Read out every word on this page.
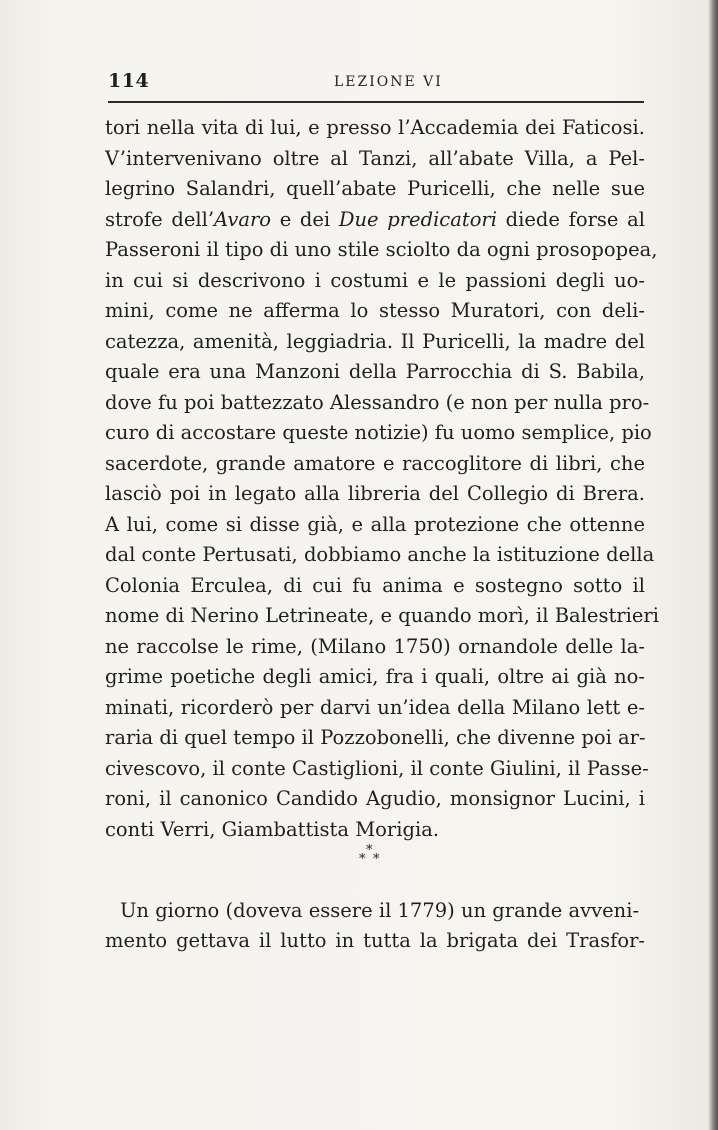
114	LEZIONE VI
tori nella vita di lui, e presso l’Accademia dei Faticosi.
V’intervenivano oltre al Tanzi, all’abate Villa, a Pel-
legrino Salandri, quell’abate Puricelli, che nelle sue
strofe dell’Avaro e dei Due predicatori diede forse al
Passeroni il tipo di uno stile sciolto da ogni prosopopea,
in cui si descrivono i costumi e le passioni degli uo-
mini, come ne afferma lo stesso Muratori, con deli-
catezza, amenità, leggiadria. Il Puricelli, la madre del
quale era una Manzoni della Parrocchia di S. Babila,
dove fu poi battezzato Alessandro (e non per nulla pro-
curo di accostare queste notizie) fu uomo semplice, pio
sacerdote, grande amatore e raccoglitore di libri, che
lasciò poi in legato alla libreria del Collegio di Brera.
A lui, come si disse già, e alla protezione che ottenne
dal conte Pertusati, dobbiamo anche la istituzione della
Colonia Erculea, di cui fu anima e sostegno sotto il
nome di Nerino Letrineate, e quando morì, il Balestrieri
ne raccolse le rime, (Milano 1750) ornandole delle la-
grime poetiche degli amici, fra i quali, oltre ai già no-
minati, ricorderò per darvi un’idea della Milano lett e-
raria di quel tempo il Pozzobonelli, che divenne poi ar-
civescovo, il conte Castiglioni, il conte Giulini, il Passe-
roni, il canonico Candido Agudio, monsignor Lucini, i
conti Verri, Giambattista Morigia.
*
* *
Un giorno (doveva essere il 1779) un grande avveni-
mento gettava il lutto in tutta la brigata dei Trasfor-
